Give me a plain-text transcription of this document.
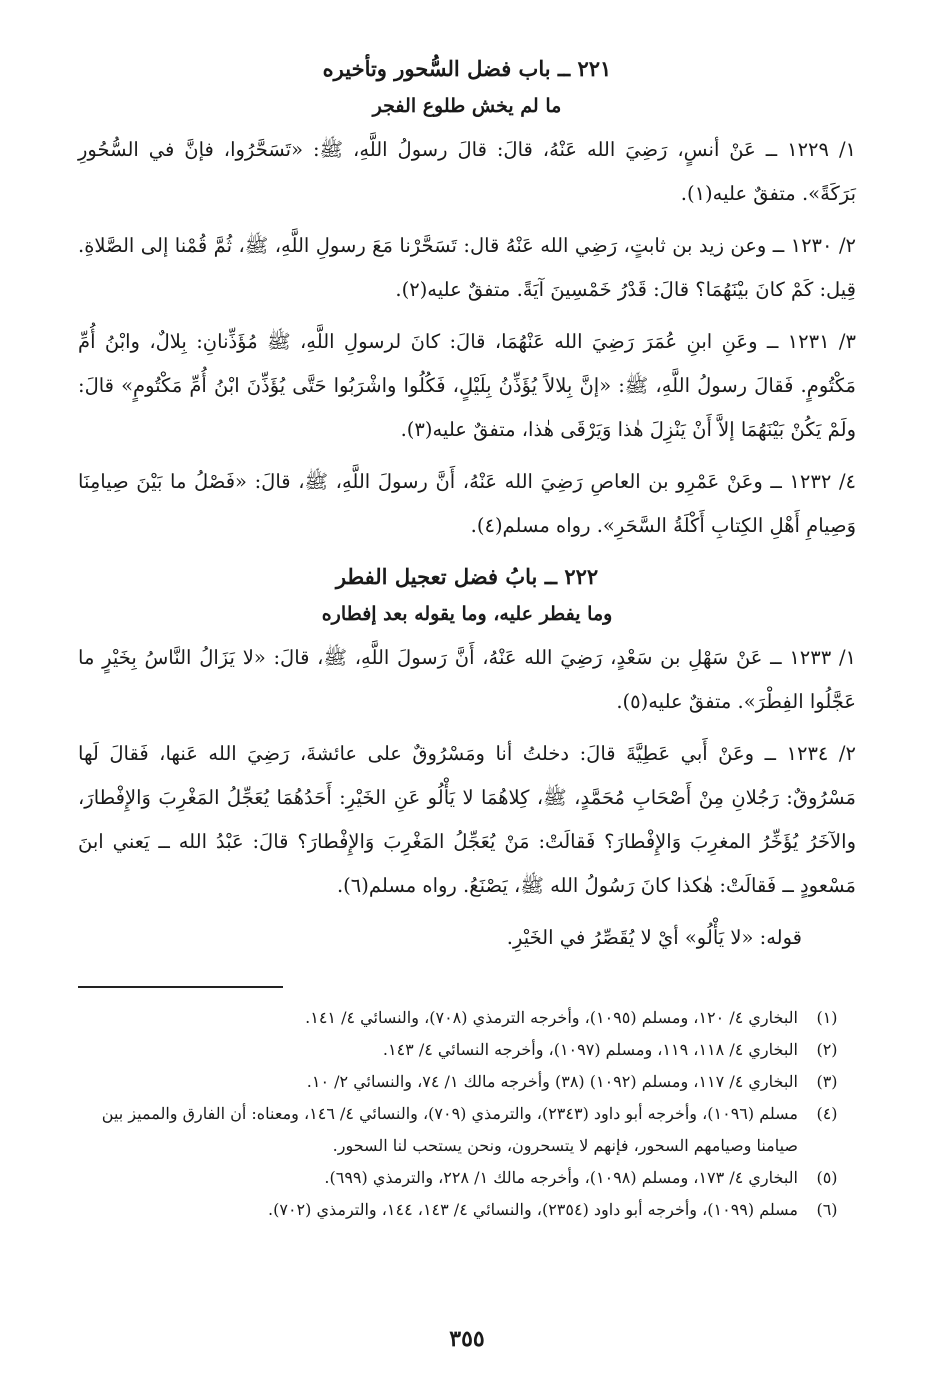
٢٢١ ــ باب فضل السُّحور وتأخيره
ما لم يخش طلوع الفجر

١/ ١٢٢٩ ــ عَنْ أنسٍ، رَضِيَ الله عَنْهُ، قالَ: قالَ رسولُ اللَّهِ، ﷺ: «تَسَحَّرُوا، فإنَّ في السُّحُورِ بَرَكَةً». متفقٌ عليه(١).

٢/ ١٢٣٠ ــ وعن زيد بن ثابتٍ، رَضِي الله عَنْهُ قال: تَسَحَّرْنا مَعَ رسولِ اللَّهِ، ﷺ، ثُمَّ قُمْنا إلى الصَّلاةِ. قِيل: كَمْ كانَ بيْنَهُمَا؟ قالَ: قَدْرُ خَمْسِينَ آيَةً. متفقٌ عليه(٢).

٣/ ١٢٣١ ــ وعَنِ ابنِ عُمَرَ رَضِيَ الله عَنْهُمَا، قالَ: كانَ لرسولِ اللَّهِ، ﷺ مُؤَذِّنانِ: بِلالٌ، وابْنُ أُمِّ مَكْتُومٍ. فَقالَ رسولُ اللَّهِ، ﷺ: «إنَّ بِلالاً يُؤَذِّنُ بِلَيْلٍ، فَكُلُوا واشْرَبُوا حَتَّى يُؤَذِّنَ ابْنُ أُمِّ مَكْتُومٍ» قالَ: ولَمْ يَكُنْ بَيْنَهُمَا إلاَّ أَنْ يَنْزِلَ هٰذا وَيَرْقَى هٰذا، متفقٌ عليه(٣).

٤/ ١٢٣٢ ــ وعَنْ عَمْرِو بن العاصِ رَضِيَ الله عَنْهُ، أَنَّ رسولَ اللَّهِ، ﷺ، قالَ: «فَصْلُ ما بَيْنَ صِيامِنَا وَصِيامِ أَهْلِ الكِتابِ أَكْلَةُ السَّحَرِ». رواه مسلم(٤).

٢٢٢ ــ بابُ فضل تعجيل الفطر
وما يفطر عليه، وما يقوله بعد إفطاره

١/ ١٢٣٣ ــ عَنْ سَهْلِ بن سَعْدٍ، رَضِيَ الله عَنْهُ، أَنَّ رَسولَ اللَّهِ، ﷺ، قالَ: «لا يَزَالُ النَّاسُ بِخَيْرٍ ما عَجَّلُوا الفِطْرَ». متفقٌ عليه(٥).

٢/ ١٢٣٤ ــ وعَنْ أَبي عَطِيَّةَ قالَ: دخلتُ أنا ومَسْرُوقٌ على عائشةَ، رَضِيَ الله عَنها، فَقالَ لَها مَسْرُوقٌ: رَجُلانِ مِنْ أَصْحَابِ مُحَمَّدٍ، ﷺ، كِلاهُمَا لا يَأْلُو عَنِ الخَيْرِ: أَحَدُهُمَا يُعَجِّلُ المَغْرِبَ وَالإِفْطارَ، والآخَرُ يُؤَخِّرُ المغرِبَ وَالإِفْطارَ؟ فَقالَتْ: مَنْ يُعَجِّلُ المَغْرِبَ وَالإِفْطارَ؟ قالَ: عَبْدُ الله ــ يَعني ابنَ مَسْعودٍ ــ فَقالَتْ: هٰكذا كانَ رَسُولُ الله ﷺ، يَصْنَعُ. رواه مسلم(٦).

قوله: «لا يَأْلُو» أيْ لا يُقَصِّرُ في الخَيْرِ.

(١)
البخاري ٤/ ١٢٠، ومسلم (١٠٩٥)، وأخرجه الترمذي (٧٠٨)، والنسائي ٤/ ١٤١.
(٢)
البخاري ٤/ ١١٨، ١١٩، ومسلم (١٠٩٧)، وأخرجه النسائي ٤/ ١٤٣.
(٣)
البخاري ٤/ ١١٧، ومسلم (١٠٩٢) (٣٨) وأخرجه مالك ١/ ٧٤، والنسائي ٢/ ١٠.
(٤)
مسلم (١٠٩٦)، وأخرجه أبو داود (٢٣٤٣)، والترمذي (٧٠٩)، والنسائي ٤/ ١٤٦، ومعناه: أن الفارق والمميز بين صيامنا وصيامهم السحور، فإنهم لا يتسحرون، ونحن يستحب لنا السحور.
(٥)
البخاري ٤/ ١٧٣، ومسلم (١٠٩٨)، وأخرجه مالك ١/ ٢٢٨، والترمذي (٦٩٩).
(٦)
مسلم (١٠٩٩)، وأخرجه أبو داود (٢٣٥٤)، والنسائي ٤/ ١٤٣، ١٤٤، والترمذي (٧٠٢).
٣٥٥
